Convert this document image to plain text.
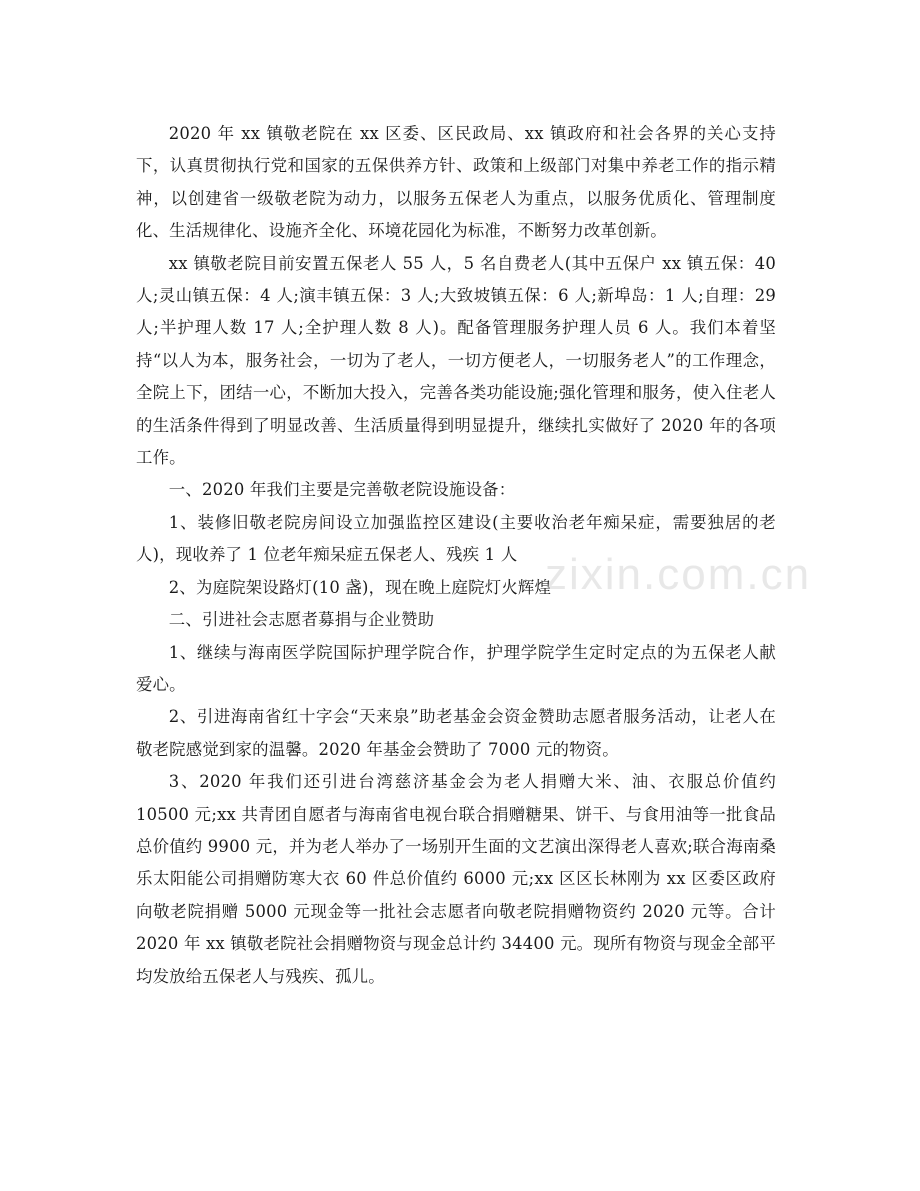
2020 年 xx 镇敬老院在 xx 区委、区民政局、xx 镇政府和社会各界的关心支持下，认真贯彻执行党和国家的五保供养方针、政策和上级部门对集中养老工作的指示精神，以创建省一级敬老院为动力，以服务五保老人为重点，以服务优质化、管理制度化、生活规律化、设施齐全化、环境花园化为标准，不断努力改革创新。

xx 镇敬老院目前安置五保老人 55 人，5 名自费老人(其中五保户 xx 镇五保：40 人;灵山镇五保：4 人;演丰镇五保：3 人;大致坡镇五保：6 人;新埠岛：1 人;自理：29 人;半护理人数 17 人;全护理人数 8 人)。配备管理服务护理人员 6 人。我们本着坚持“以人为本，服务社会，一切为了老人，一切方便老人，一切服务老人”的工作理念，全院上下，团结一心，不断加大投入，完善各类功能设施;强化管理和服务，使入住老人的生活条件得到了明显改善、生活质量得到明显提升，继续扎实做好了 2020 年的各项工作。

一、2020 年我们主要是完善敬老院设施设备：

1、装修旧敬老院房间设立加强监控区建设(主要收治老年痴呆症，需要独居的老人)，现收养了 1 位老年痴呆症五保老人、残疾 1 人

2、为庭院架设路灯(10 盏)，现在晚上庭院灯火辉煌

二、引进社会志愿者募捐与企业赞助

1、继续与海南医学院国际护理学院合作，护理学院学生定时定点的为五保老人献爱心。

2、引进海南省红十字会“天来泉”助老基金会资金赞助志愿者服务活动，让老人在敬老院感觉到家的温馨。2020 年基金会赞助了 7000 元的物资。

3、2020 年我们还引进台湾慈济基金会为老人捐赠大米、油、衣服总价值约 10500 元;xx 共青团自愿者与海南省电视台联合捐赠糖果、饼干、与食用油等一批食品总价值约 9900 元，并为老人举办了一场别开生面的文艺演出深得老人喜欢;联合海南桑乐太阳能公司捐赠防寒大衣 60 件总价值约 6000 元;xx 区区长林刚为 xx 区委区政府向敬老院捐赠 5000 元现金等一批社会志愿者向敬老院捐赠物资约 2020 元等。合计 2020 年 xx 镇敬老院社会捐赠物资与现金总计约 34400 元。现所有物资与现金全部平均发放给五保老人与残疾、孤儿。

zixin.com.cn
